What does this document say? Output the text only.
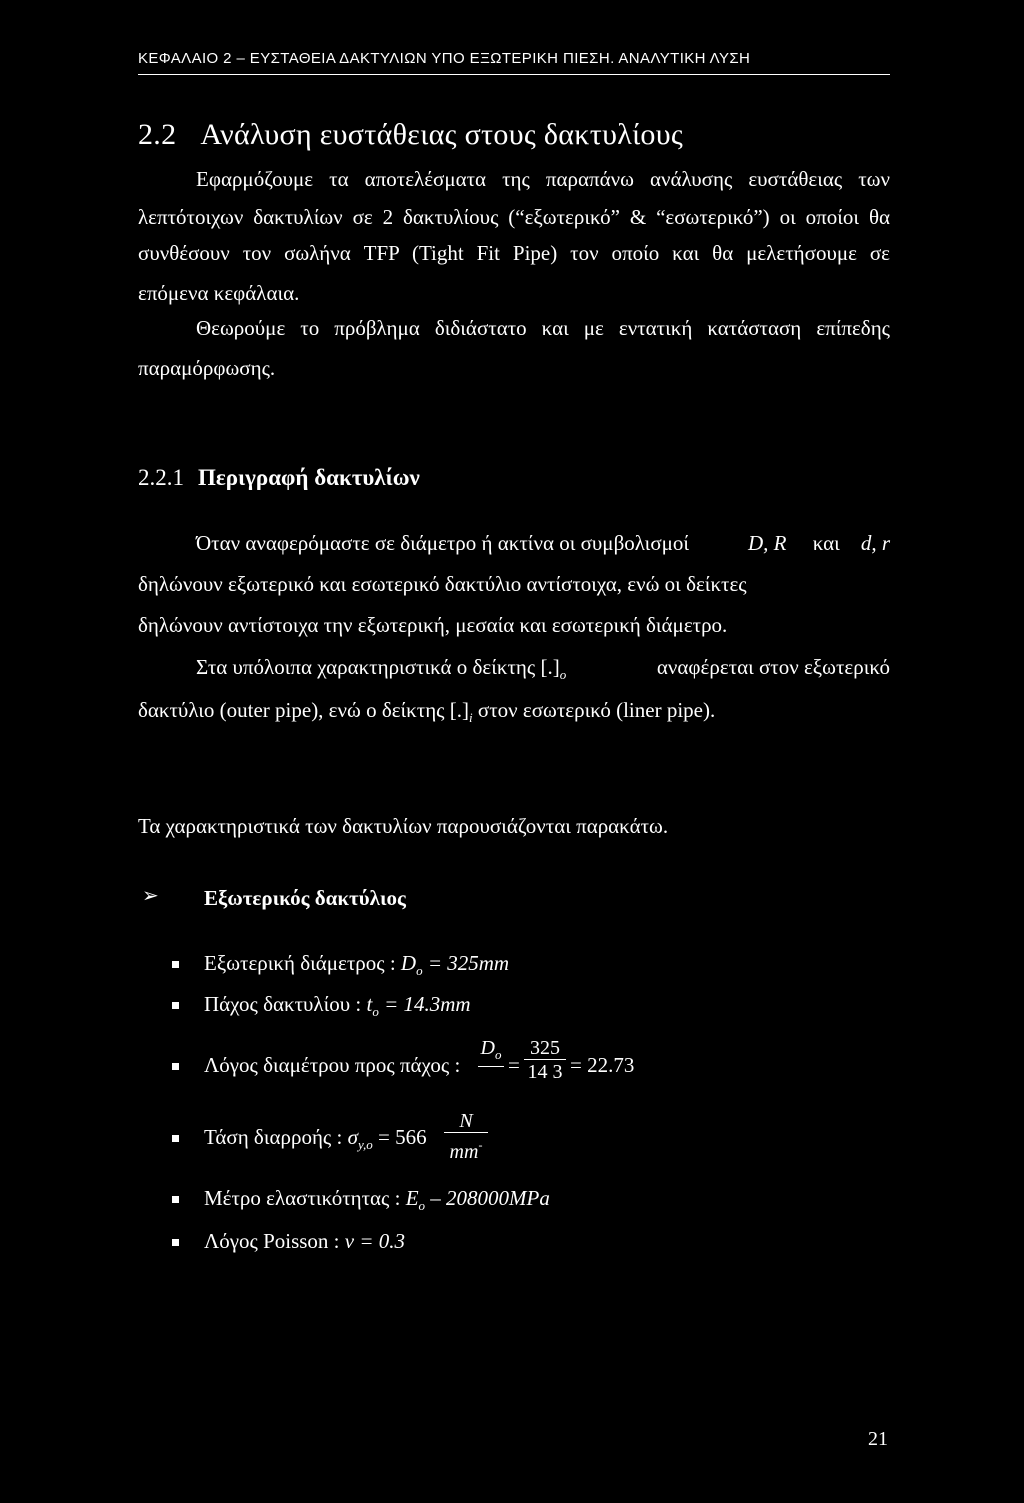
ΚΕΦΑΛΑΙΟ 2 – ΕΥΣΤΑΘΕΙΑ ΔΑΚΤΥΛΙΩΝ ΥΠΟ ΕΞΩΤΕΡΙΚΗ ΠΙΕΣΗ. ΑΝΑΛΥΤΙΚΗ ΛΥΣΗ
2.2 Ανάλυση ευστάθειας στους δακτυλίους
Εφαρμόζουμε τα αποτελέσματα της παραπάνω ανάλυσης ευστάθειας των
λεπτότοιχων δακτυλίων σε 2 δακτυλίους (“εξωτερικό” & “εσωτερικό”) οι οποίοι θα
συνθέσουν τον σωλήνα TFP (Tight Fit Pipe) τον οποίο και θα μελετήσουμε σε
επόμενα κεφάλαια.
Θεωρούμε το πρόβλημα διδιάστατο και με εντατική κατάσταση επίπεδης
παραμόρφωσης.
2.2.1 Περιγραφή δακτυλίων
Όταν αναφερόμαστε σε διάμετρο ή ακτίνα οι συμβολισμοί	D, R και d, r
δηλώνουν εξωτερικό και εσωτερικό δακτύλιο αντίστοιχα, ενώ οι δείκτες
δηλώνουν αντίστοιχα την εξωτερική, μεσαία και εσωτερική διάμετρο.
Στα υπόλοιπα χαρακτηριστικά ο δείκτης $[.]_o$	αναφέρεται στον εξωτερικό
δακτύλιο (outer pipe), ενώ ο δείκτης $[.]_i$ στον εσωτερικό (liner pipe).
Τα χαρακτηριστικά των δακτυλίων παρουσιάζονται παρακάτω.
➢ Εξωτερικός δακτύλιος
Εξωτερική διάμετρος : $D_o = 325mm$
Πάχος δακτυλίου : $t_o = 14.3mm$
Λόγος διαμέτρου προς πάχος :
$D_o = \frac{325}{14 3} = 22.73$
Τάση διαρροής : $\sigma_{y,o} = 566 \frac{N}{mm^-}$
Μέτρο ελαστικότητας : $E_o - 208000MPa$
Λόγος Poisson : ν = 0.3
21
